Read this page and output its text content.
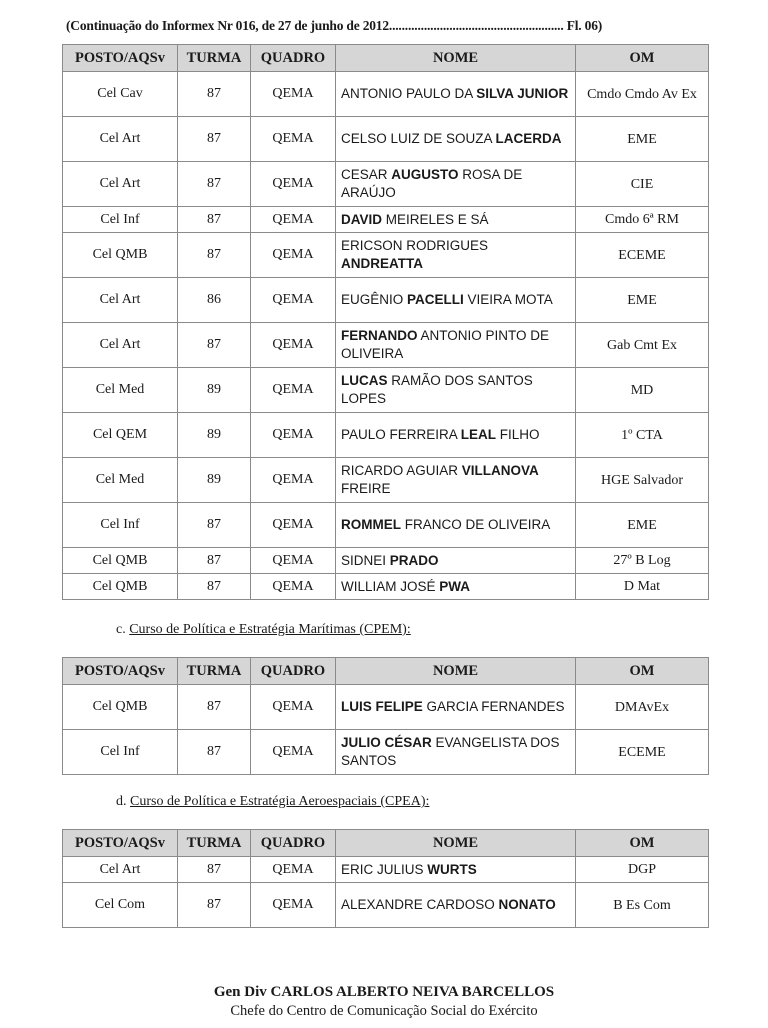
(Continuação do Informex Nr 016, de 27 de junho de 2012....................................................... Fl. 06)
POSTO/AQSv	TURMA	QUADRO	NOME	OM
Cel Cav	87	QEMA	ANTONIO PAULO DA SILVA JUNIOR	Cmdo Cmdo Av Ex
Cel Art	87	QEMA	CELSO LUIZ DE SOUZA LACERDA	EME
Cel Art	87	QEMA	CESAR AUGUSTO ROSA DE ARAÚJO	CIE
Cel Inf	87	QEMA	DAVID MEIRELES E SÁ	Cmdo 6ª RM
Cel QMB	87	QEMA	ERICSON RODRIGUES ANDREATTA	ECEME
Cel Art	86	QEMA	EUGÊNIO PACELLI VIEIRA MOTA	EME
Cel Art	87	QEMA	FERNANDO ANTONIO PINTO DE OLIVEIRA	Gab Cmt Ex
Cel Med	89	QEMA	LUCAS RAMÃO DOS SANTOS LOPES	MD
Cel QEM	89	QEMA	PAULO FERREIRA LEAL FILHO	1º CTA
Cel Med	89	QEMA	RICARDO AGUIAR VILLANOVA FREIRE	HGE Salvador
Cel Inf	87	QEMA	ROMMEL FRANCO DE OLIVEIRA	EME
Cel QMB	87	QEMA	SIDNEI PRADO	27º B Log
Cel QMB	87	QEMA	WILLIAM JOSÉ PWA	D Mat
c. Curso de Política e Estratégia Marítimas (CPEM):
POSTO/AQSv	TURMA	QUADRO	NOME	OM
Cel QMB	87	QEMA	LUIS FELIPE GARCIA FERNANDES	DMAvEx
Cel Inf	87	QEMA	JULIO CÉSAR EVANGELISTA DOS SANTOS	ECEME
d. Curso de Política e Estratégia Aeroespaciais (CPEA):
POSTO/AQSv	TURMA	QUADRO	NOME	OM
Cel Art	87	QEMA	ERIC JULIUS WURTS	DGP
Cel Com	87	QEMA	ALEXANDRE CARDOSO NONATO	B Es Com
Gen Div CARLOS ALBERTO NEIVA BARCELLOS
Chefe do Centro de Comunicação Social do Exército
